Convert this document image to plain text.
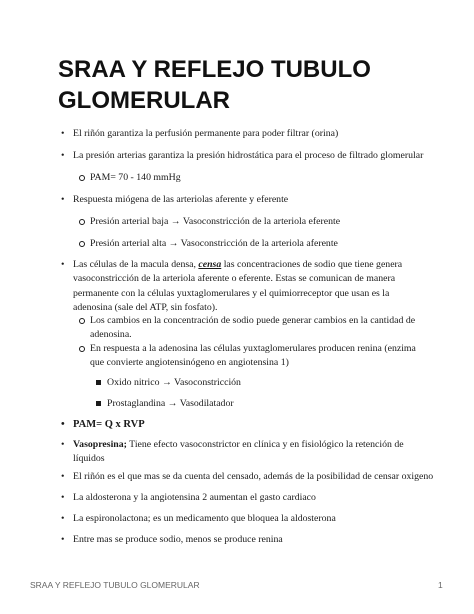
SRAA Y REFLEJO TUBULO GLOMERULAR
• El riñón garantiza la perfusión permanente para poder filtrar (orina)
• La presión arterias garantiza la presión hidrostática para el proceso de filtrado glomerular
PAM= 70 - 140 mmHg
• Respuesta miógena de las arteriolas aferente y eferente
Presión arterial baja → Vasoconstricción de la arteriola eferente
Presión arterial alta → Vasoconstricción de la arteriola aferente
• Las células de la macula densa, censa las concentraciones de sodio que tiene genera vasoconstricción de la arteriola aferente o eferente. Estas se comunican de manera permanente con la células yuxtaglomerulares y el quimiorreceptor que usan es la adenosina (sale del ATP, sin fosfato).
Los cambios en la concentración de sodio puede generar cambios en la cantidad de adenosina.
En respuesta a la adenosina las células yuxtaglomerulares producen renina (enzima que convierte angiotensinógeno en angiotensina 1)
Oxido nitrico → Vasoconstricción
Prostaglandina → Vasodilatador
• PAM= Q x RVP
• Vasopresina; Tiene efecto vasoconstrictor en clínica y en fisiológico la retención de líquidos
• El riñón es el que mas se da cuenta del censado, además de la posibilidad de censar oxigeno
• La aldosterona y la angiotensina 2 aumentan el gasto cardiaco
• La espironolactona; es un medicamento que bloquea la aldosterona
• Entre mas se produce sodio, menos se produce renina
SRAA Y REFLEJO TUBULO GLOMERULAR	1
